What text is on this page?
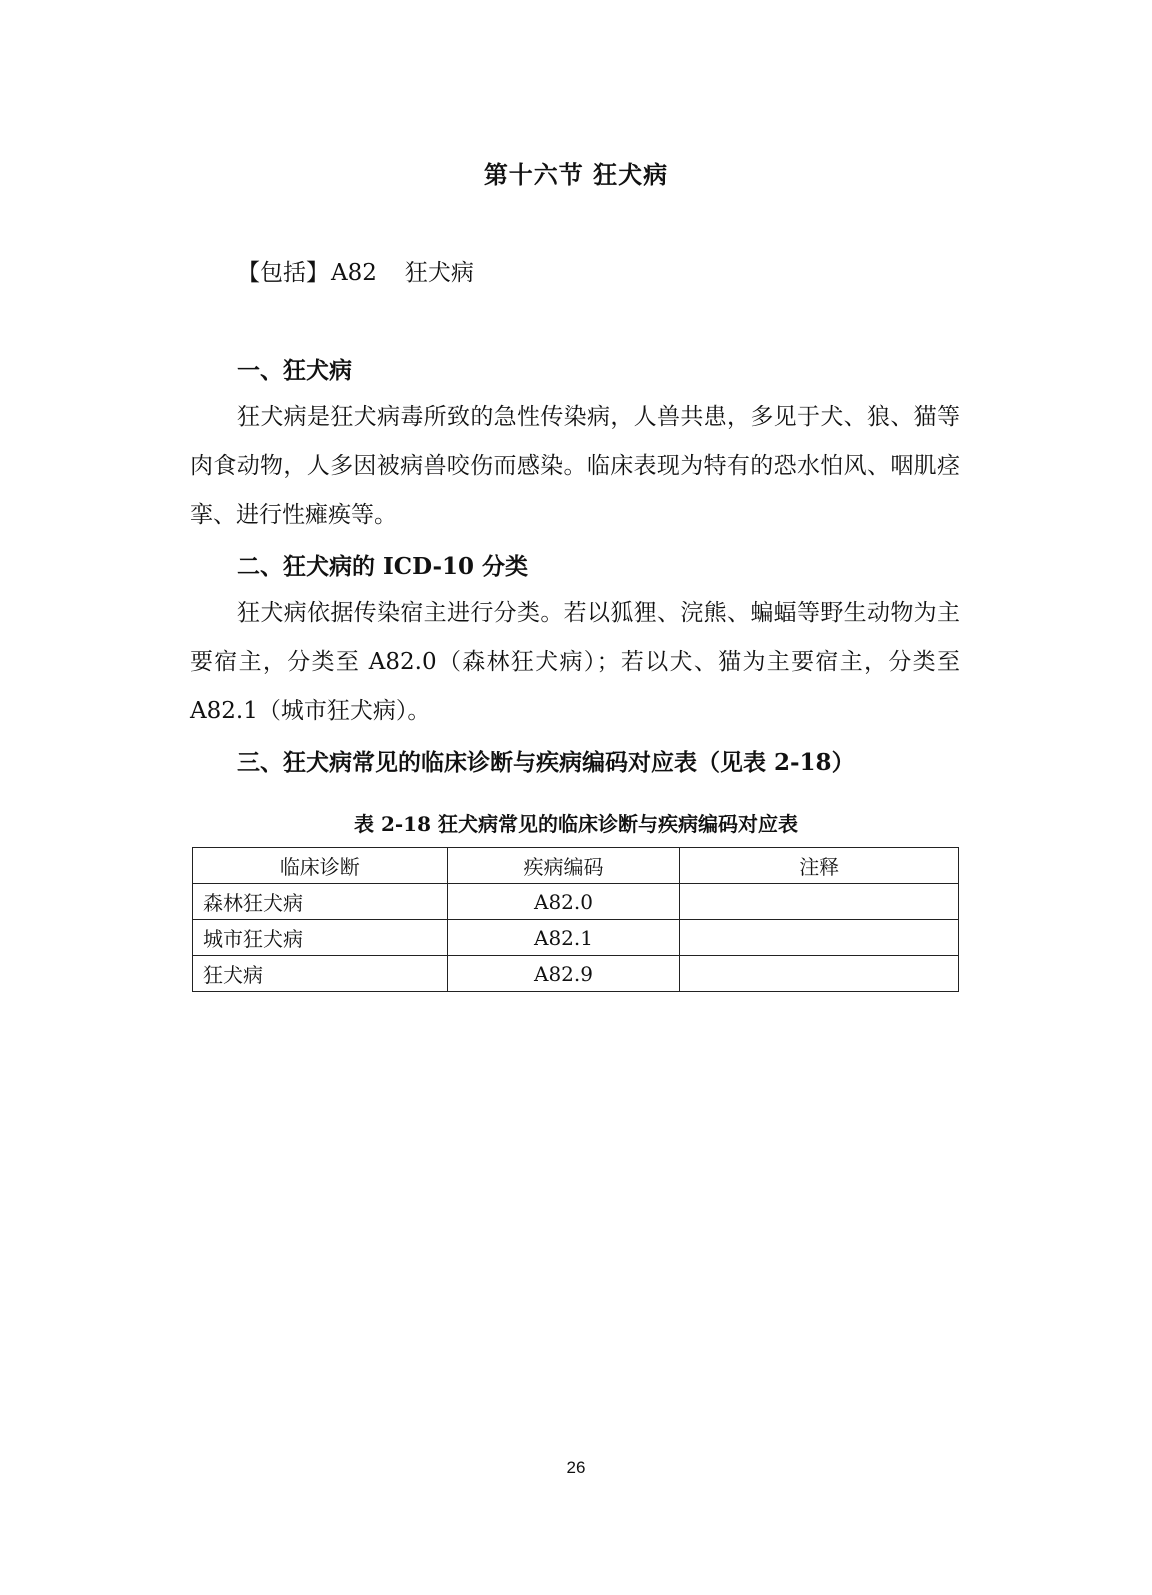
第十六节 狂犬病
【包括】A82 狂犬病
一、狂犬病

狂犬病是狂犬病毒所致的急性传染病，人兽共患，多见于犬、狼、猫等肉食动物，人多因被病兽咬伤而感染。临床表现为特有的恐水怕风、咽肌痉挛、进行性瘫痪等。

二、狂犬病的 ICD-10 分类

狂犬病依据传染宿主进行分类。若以狐狸、浣熊、蝙蝠等野生动物为主要宿主，分类至 A82.0（森林狂犬病）；若以犬、猫为主要宿主，分类至 A82.1（城市狂犬病）。

三、狂犬病常见的临床诊断与疾病编码对应表（见表 2-18）
表 2-18 狂犬病常见的临床诊断与疾病编码对应表
临床诊断	疾病编码	注释
森林狂犬病	A82.0	
城市狂犬病	A82.1	
狂犬病	A82.9	
26
